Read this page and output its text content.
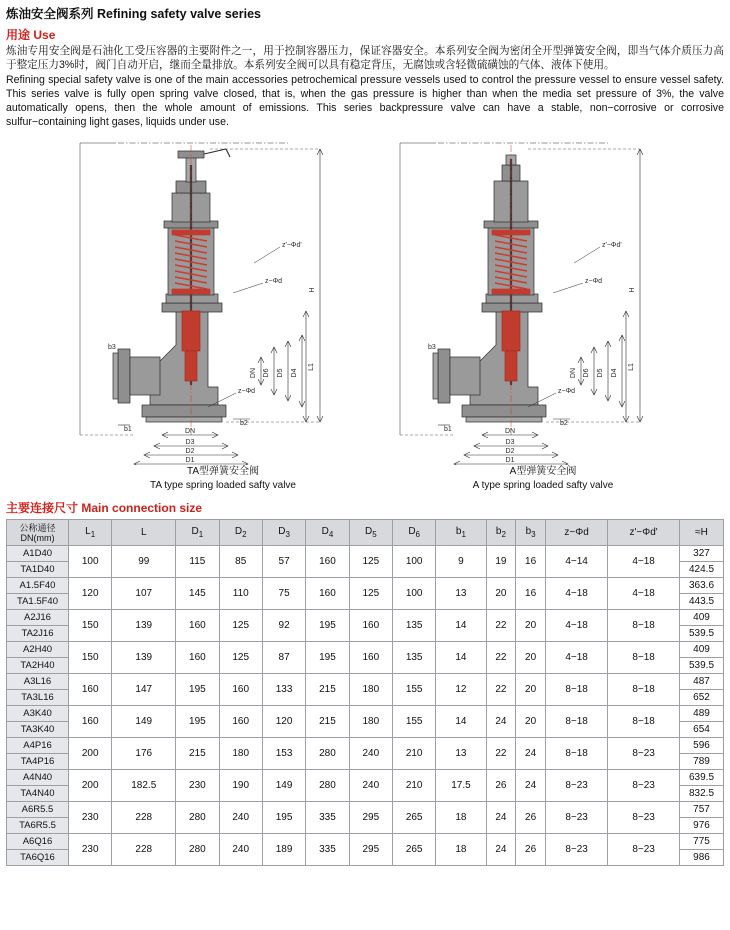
炼油安全阀系列 Refining safety valve series
用途 Use

炼油专用安全阀是石油化工受压容器的主要附件之一，用于控制容器压力，保证容器安全。本系列安全阀为密闭全开型弹簧安全阀，即当气体介质压力高于整定压力3%时，阀门自动开启，继而全量排放。本系列安全阀可以具有稳定背压，无腐蚀或含轻微硫磺蚀的气体、液体下使用。

Refining special safety valve is one of the main accessories petrochemical pressure vessels used to control the pressure vessel to ensure vessel safety. This series valve is fully open spring valve closed, that is, when the gas pressure is higher than when the media set pressure of 3%, the valve automatically opens, then the whole amount of emissions. This series backpressure valve can have a stable, non−corrosive or corrosive sulfur−containing light gases, liquids under use.

H
D4
D5
D6
DN
L1
z−Φd
z'−Φd'
z−Φd
b1
b2
b3
DN
D3
D2
D1
H
D4
D5
D6
DN
L1
z−Φd
z'−Φd'
z−Φd
b1
b2
b3
DN
D3
D2
D1
TA型弹簧安全阀
TA type spring loaded safty valve
A型弹簧安全阀
A type spring loaded safty valve
主要连接尺寸 Main connection size
公称通径
DN(mm)	$L_1$	L	$D_1$	$D_2$	$D_3$	$D_4$	$D_5$	$D_6$	$b_1$	$b_2$	$b_3$	z−Φd	z'−Φd'	≈H
A1D40	100	99	115	85	57	160	125	100	9	19	16	4−14	4−18	327
TA1D40														424.5
A1.5F40	120	107	145	110	75	160	125	100	13	20	16	4−18	4−18	363.6
TA1.5F40														443.5
A2J16	150	139	160	125	92	195	160	135	14	22	20	4−18	8−18	409
TA2J16														539.5
A2H40	150	139	160	125	87	195	160	135	14	22	20	4−18	8−18	409
TA2H40														539.5
A3L16	160	147	195	160	133	215	180	155	12	22	20	8−18	8−18	487
TA3L16														652
A3K40	160	149	195	160	120	215	180	155	14	24	20	8−18	8−18	489
TA3K40														654
A4P16	200	176	215	180	153	280	240	210	13	22	24	8−18	8−23	596
TA4P16														789
A4N40	200	182.5	230	190	149	280	240	210	17.5	26	24	8−23	8−23	639.5
TA4N40														832.5
A6R5.5	230	228	280	240	195	335	295	265	18	24	26	8−23	8−23	757
TA6R5.5														976
A6Q16	230	228	280	240	189	335	295	265	18	24	26	8−23	8−23	775
TA6Q16														986
